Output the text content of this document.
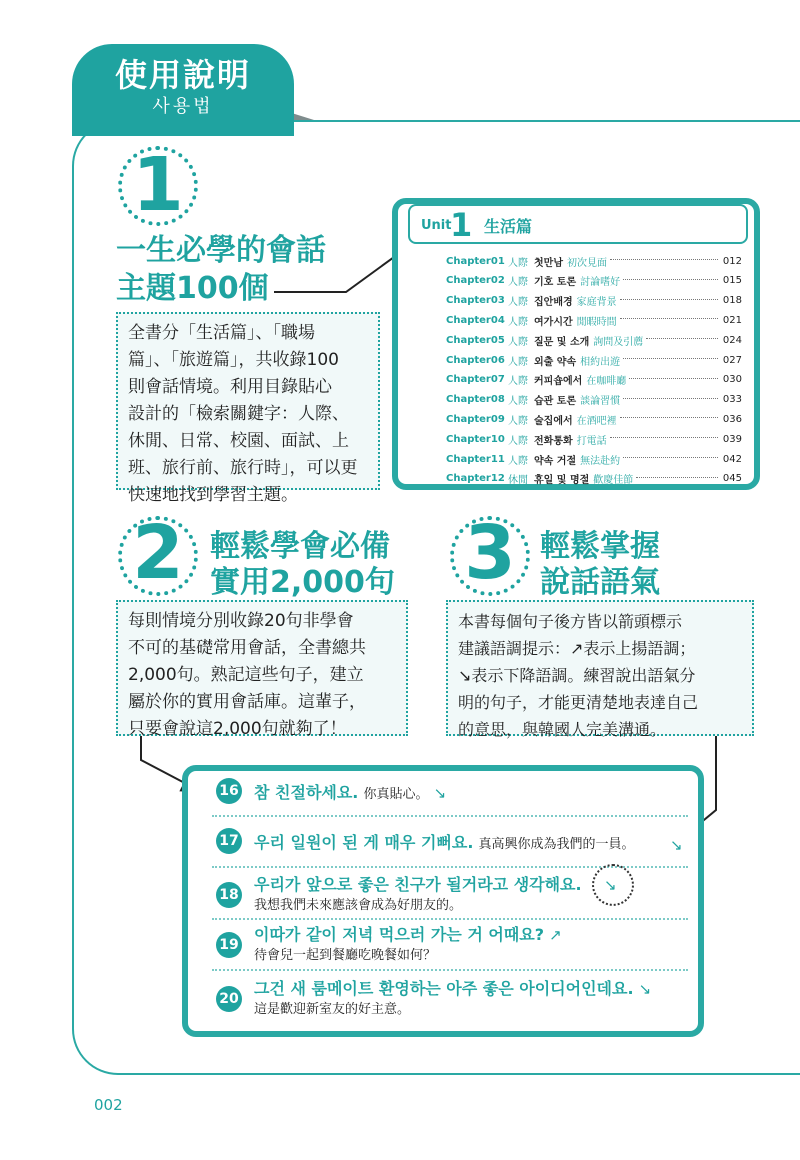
使用說明
사용법
1
一生必學的會話
主題100個
全書分「生活篇」、「職場
篇」、「旅遊篇」，共收錄100
則會話情境。利用目錄貼心
設計的「檢索關鍵字：人際、
休閒、日常、校園、面試、上
班、旅行前、旅行時」，可以更
快速地找到學習主題。
Unit
1 生活篇
Chapter01 人際 첫만남 初次見面	012
Chapter02 人際 기호 토론 討論嗜好	015
Chapter03 人際 집안배경 家庭背景	018
Chapter04 人際 여가시간 閒暇時間	021
Chapter05 人際 질문 및 소개 詢問及引薦	024
Chapter06 人際 외출 약속 相約出遊	027
Chapter07 人際 커피숍에서 在咖啡廳	030
Chapter08 人際 습관 토론 談論習慣	033
Chapter09 人際 술집에서 在酒吧裡	036
Chapter10 人際 전화통화 打電話	039
Chapter11 人際 약속 거절 無法赴約	042
Chapter12 休閒 휴일 및 명절 歡慶佳節	045
2 輕鬆學會必備
實用2,000句
每則情境分別收錄20句非學會
不可的基礎常用會話，全書總共
2,000句。熟記這些句子，建立
屬於你的實用會話庫。這輩子，
只要會說這2,000句就夠了！
3 輕鬆掌握
說話語氣
本書每個句子後方皆以箭頭標示
建議語調提示：↗表示上揚語調；
↘表示下降語調。練習說出語氣分
明的句子，才能更清楚地表達自己
的意思，與韓國人完美溝通。
16 참 친절하세요. 你真貼心。 ↘
17 우리 일원이 된 게 매우 기뻐요. 真高興你成為我們的一員。 ↘
18
우리가 앞으로 좋은 친구가 될거라고 생각해요. ↘
我想我們未來應該會成為好朋友的。
19
이따가 같이 저녁 먹으러 가는 거 어때요? ↗
待會兒一起到餐廳吃晚餐如何？
20
그건 새 룸메이트 환영하는 아주 좋은 아이디어인데요. ↘
這是歡迎新室友的好主意。
002
